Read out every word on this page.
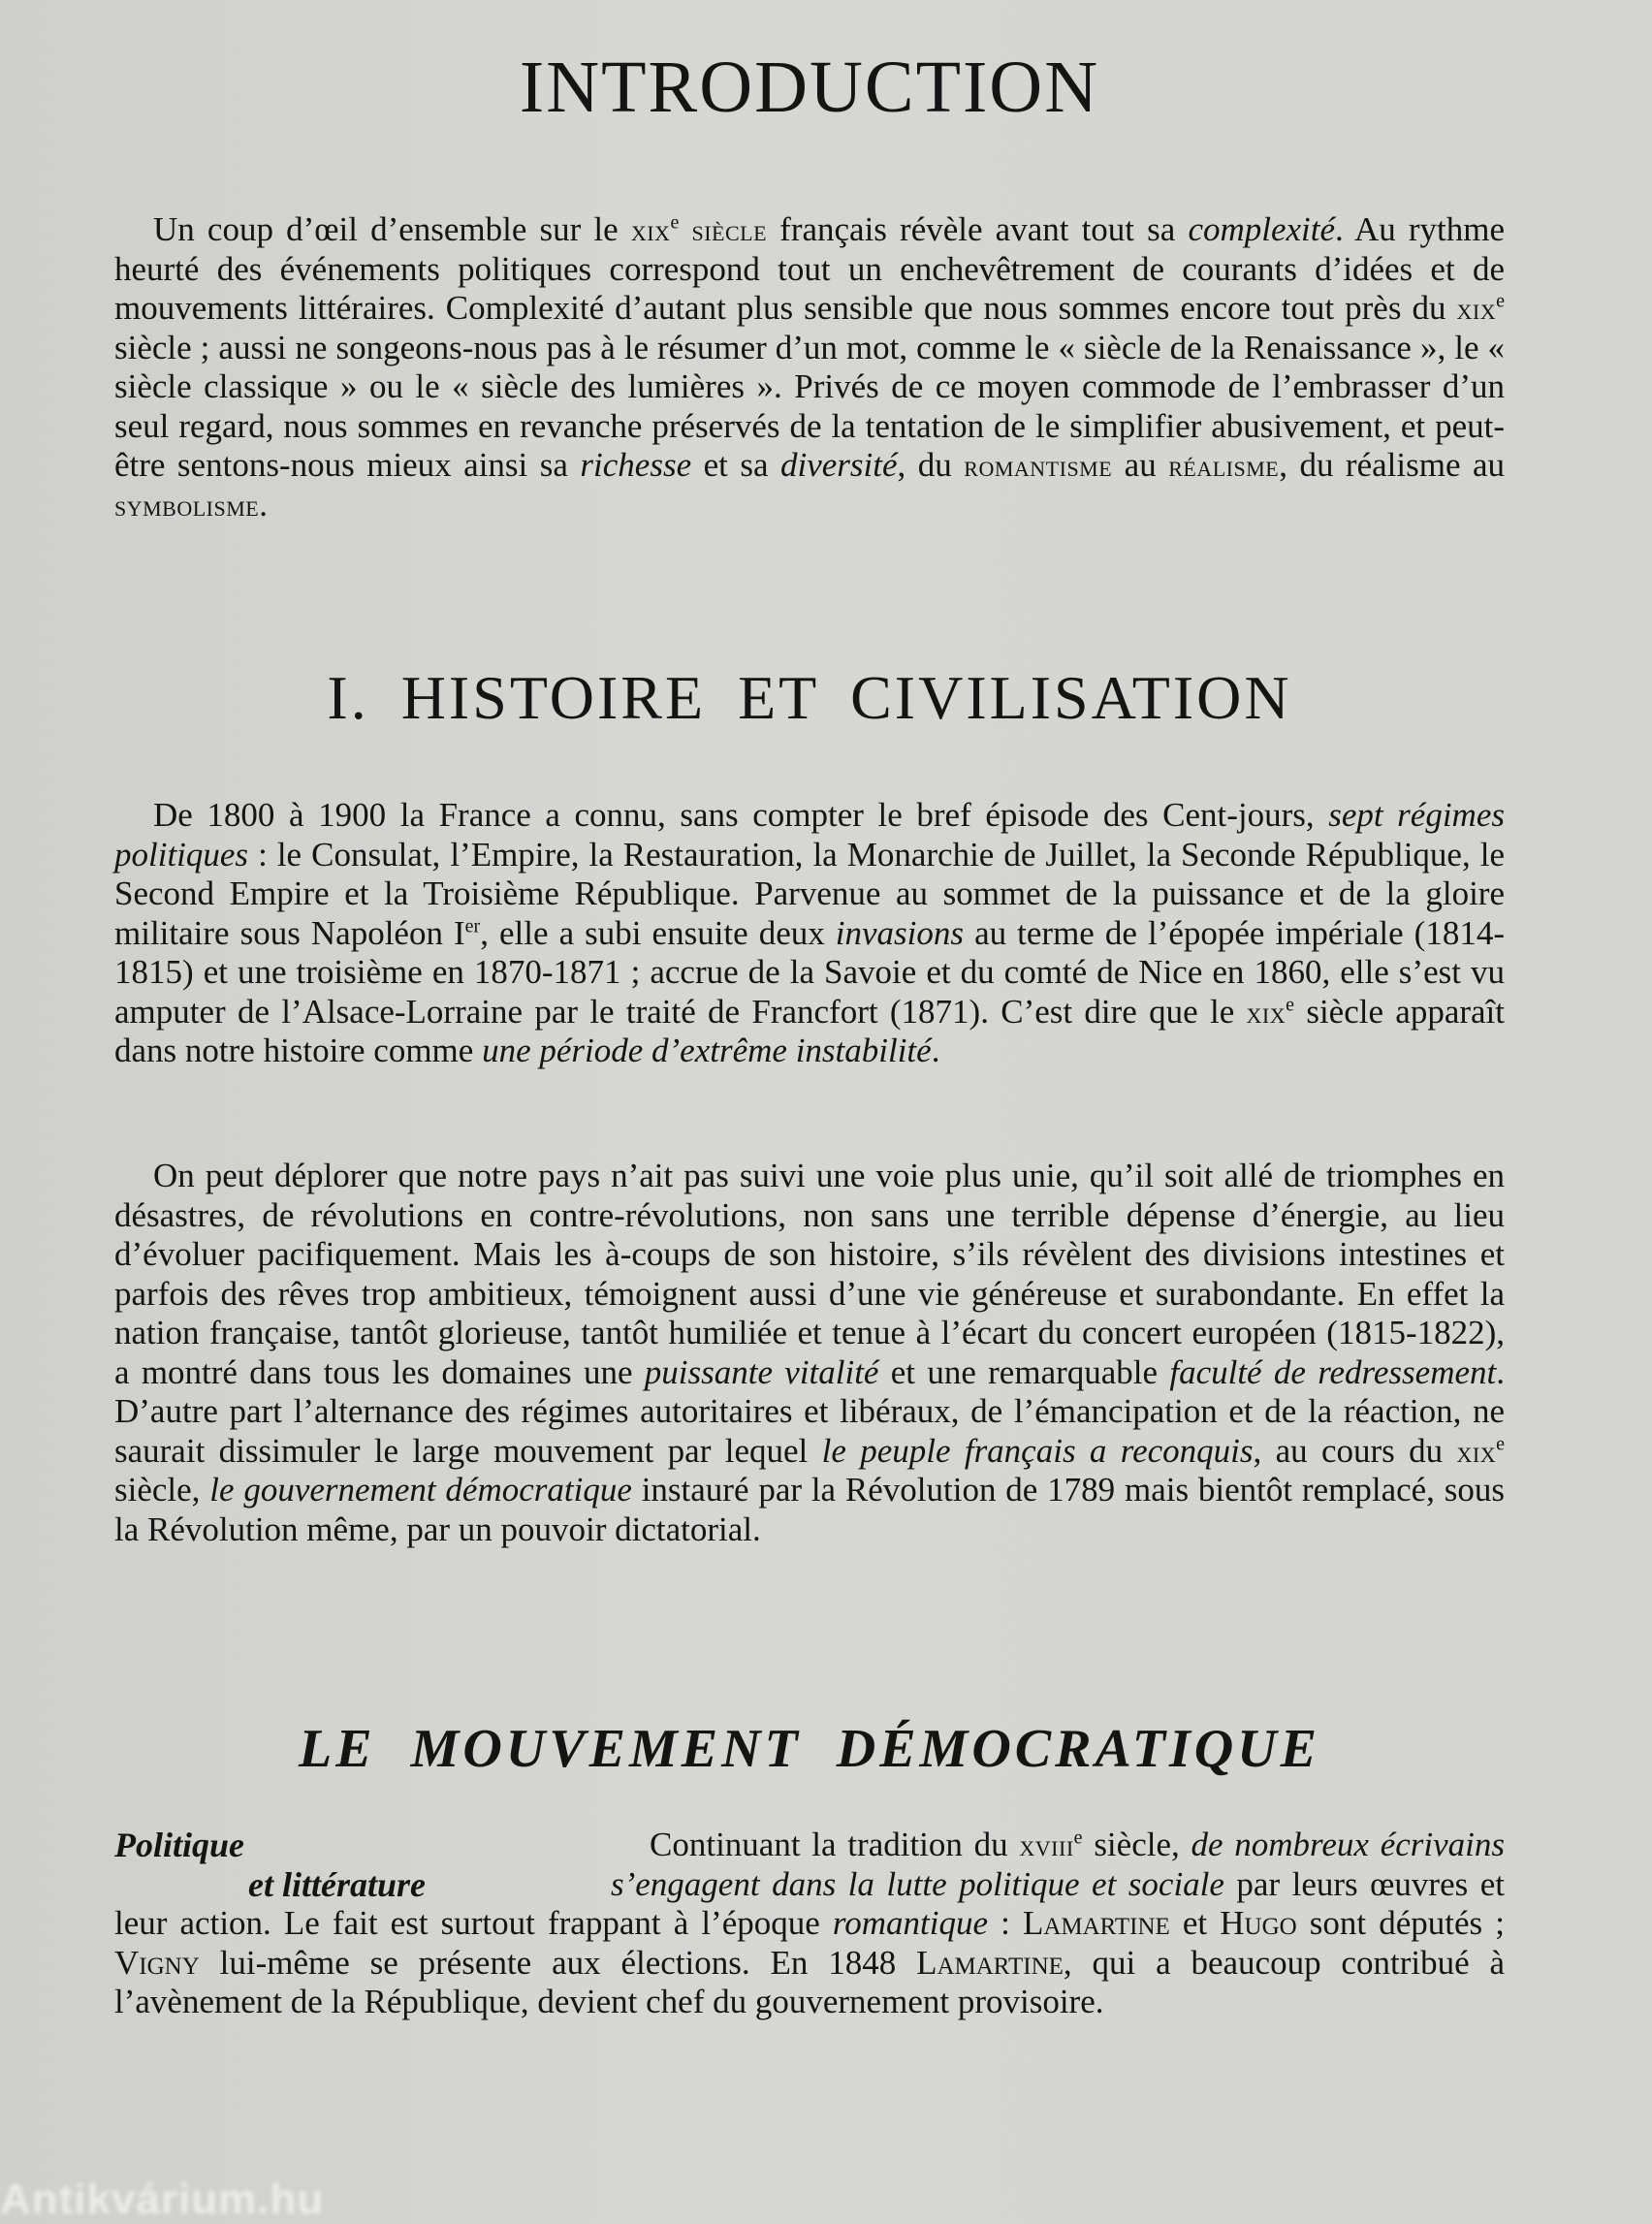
INTRODUCTION

Un coup d’œil d’ensemble sur le xix$^e$ siècle français révèle avant tout sa complexité. Au rythme heurté des événements politiques correspond tout un enchevêtrement de courants d’idées et de mouvements littéraires. Complexité d’autant plus sensible que nous sommes encore tout près du xix$^e$ siècle ; aussi ne songeons-nous pas à le résumer d’un mot, comme le « siècle de la Renaissance », le « siècle classique » ou le « siècle des lumières ». Privés de ce moyen commode de l’embrasser d’un seul regard, nous sommes en revanche préservés de la tentation de le simplifier abusivement, et peut-être sentons-nous mieux ainsi sa richesse et sa diversité, du romantisme au réalisme, du réalisme au symbolisme.

I. HISTOIRE ET CIVILISATION

De 1800 à 1900 la France a connu, sans compter le bref épisode des Cent-jours, sept régimes politiques : le Consulat, l’Empire, la Restauration, la Monarchie de Juillet, la Seconde République, le Second Empire et la Troisième République. Parvenue au sommet de la puissance et de la gloire militaire sous Napoléon Ier, elle a subi ensuite deux invasions au terme de l’épopée impériale (1814-1815) et une troisième en 1870-1871 ; accrue de la Savoie et du comté de Nice en 1860, elle s’est vu amputer de l’Alsace-Lorraine par le traité de Francfort (1871). C’est dire que le xix$^e$ siècle apparaît dans notre histoire comme une période d’extrême instabilité.

On peut déplorer que notre pays n’ait pas suivi une voie plus unie, qu’il soit allé de triomphes en désastres, de révolutions en contre-révolutions, non sans une terrible dépense d’énergie, au lieu d’évoluer pacifiquement. Mais les à-coups de son histoire, s’ils révèlent des divisions intestines et parfois des rêves trop ambitieux, témoignent aussi d’une vie généreuse et surabondante. En effet la nation française, tantôt glorieuse, tantôt humiliée et tenue à l’écart du concert européen (1815-1822), a montré dans tous les domaines une puissante vitalité et une remarquable faculté de redressement. D’autre part l’alternance des régimes autoritaires et libéraux, de l’émancipation et de la réaction, ne saurait dissimuler le large mouvement par lequel le peuple français a reconquis, au cours du xix$^e$ siècle, le gouvernement démocratique instauré par la Révolution de 1789 mais bientôt remplacé, sous la Révolution même, par un pouvoir dictatorial.

LE MOUVEMENT DÉMOCRATIQUE

Politique
et littérature
Continuant la tradition du xviii$^e$ siècle, de nombreux écrivains s’engagent dans la lutte politique et sociale par leurs œuvres et leur action. Le fait est surtout frappant à l’époque romantique : Lamartine et Hugo sont députés ; Vigny lui-même se présente aux élections. En 1848 Lamartine, qui a beaucoup contribué à l’avènement de la République, devient chef du gouvernement provisoire.

Antikvárium.hu
